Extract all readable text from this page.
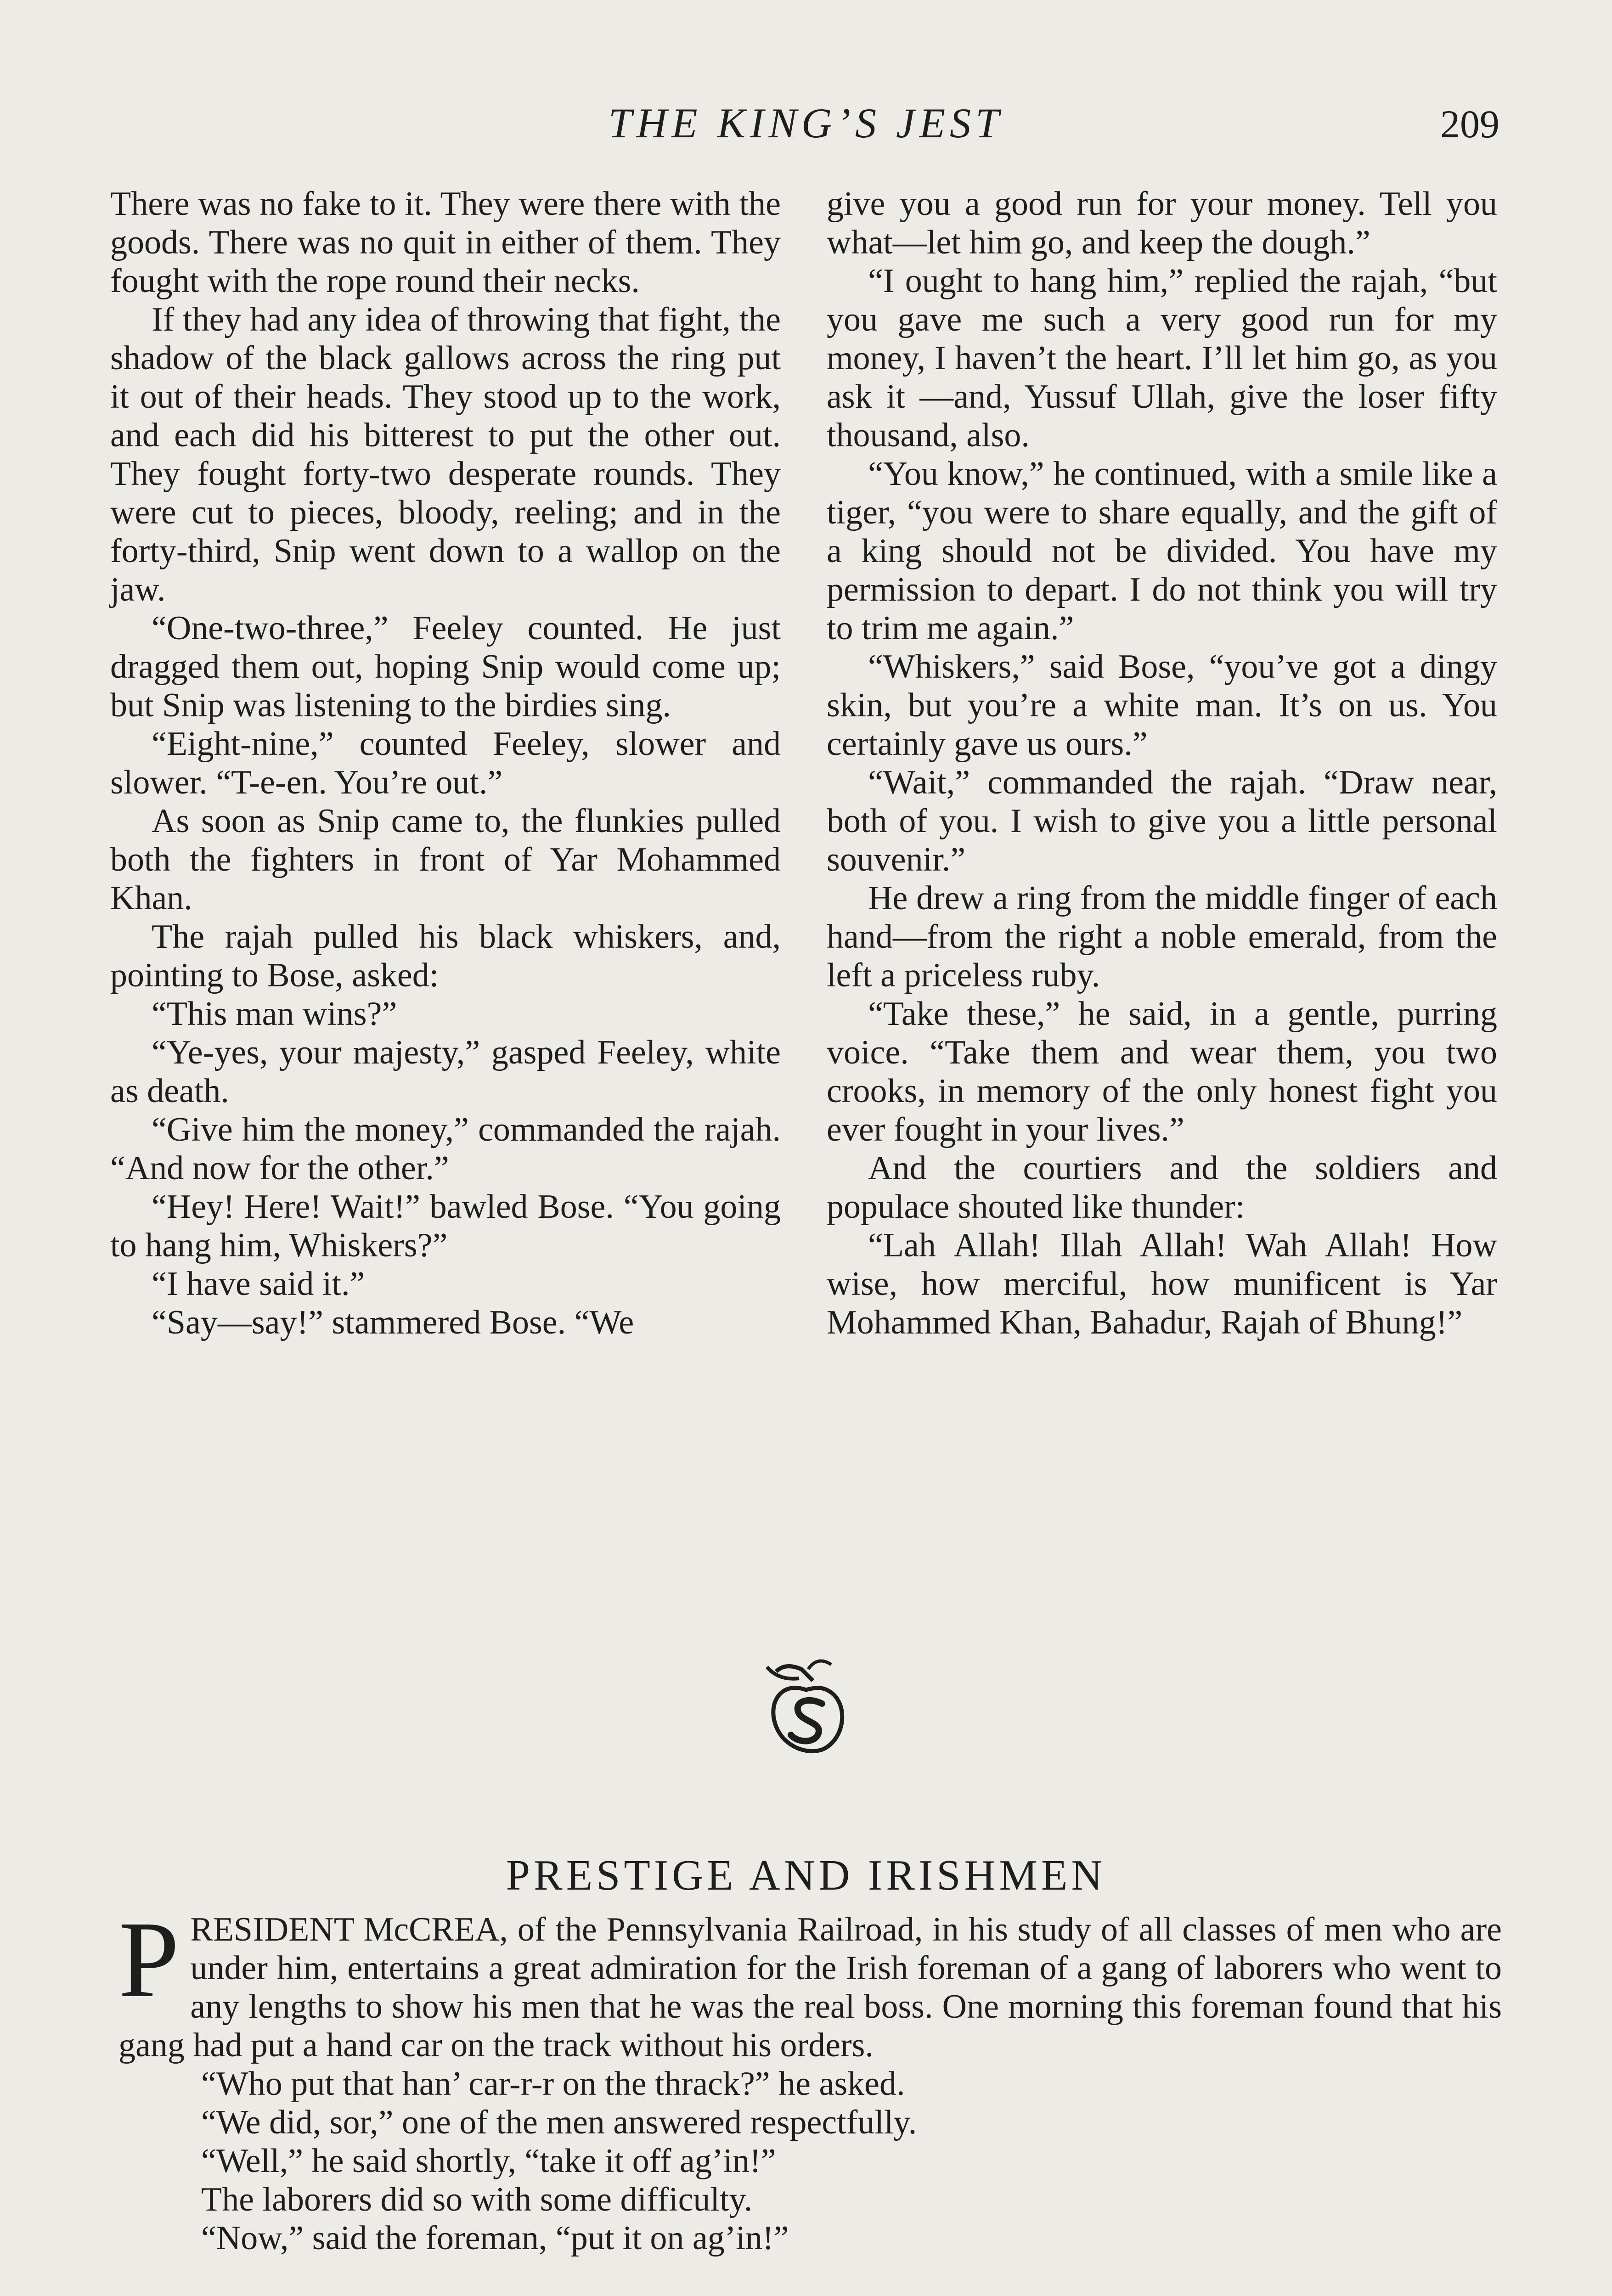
THE KING’S JEST	209

There was no fake to it. They were there with the goods. There was no quit in either of them. They fought with the rope round their necks.

If they had any idea of throwing that fight, the shadow of the black gallows across the ring put it out of their heads. They stood up to the work, and each did his bitterest to put the other out. They fought forty-two desperate rounds. They were cut to pieces, bloody, reeling; and in the forty-third, Snip went down to a wallop on the jaw.

“One-two-three,” Feeley counted. He just dragged them out, hoping Snip would come up; but Snip was listening to the birdies sing.

“Eight-nine,” counted Feeley, slower and slower. “T-e-en. You’re out.”

As soon as Snip came to, the flunkies pulled both the fighters in front of Yar Mohammed Khan.

The rajah pulled his black whiskers, and, pointing to Bose, asked:

“This man wins?”

“Ye-yes, your majesty,” gasped Feeley, white as death.

“Give him the money,” commanded the rajah. “And now for the other.”

“Hey! Here! Wait!” bawled Bose. “You going to hang him, Whiskers?”

“I have said it.”

“Say—say!” stammered Bose. “We

give you a good run for your money. Tell you what—let him go, and keep the dough.”

“I ought to hang him,” replied the rajah, “but you gave me such a very good run for my money, I haven’t the heart. I’ll let him go, as you ask it —and, Yussuf Ullah, give the loser fifty thousand, also.

“You know,” he continued, with a smile like a tiger, “you were to share equally, and the gift of a king should not be divided. You have my permission to depart. I do not think you will try to trim me again.”

“Whiskers,” said Bose, “you’ve got a dingy skin, but you’re a white man. It’s on us. You certainly gave us ours.”

“Wait,” commanded the rajah. “Draw near, both of you. I wish to give you a little personal souvenir.”

He drew a ring from the middle finger of each hand—from the right a noble emerald, from the left a priceless ruby.

“Take these,” he said, in a gentle, purring voice. “Take them and wear them, you two crooks, in memory of the only honest fight you ever fought in your lives.”

And the courtiers and the soldiers and populace shouted like thunder:

“Lah Allah! Illah Allah! Wah Allah! How wise, how merciful, how munificent is Yar Mohammed Khan, Bahadur, Rajah of Bhung!”

PRESTIGE AND IRISHMEN

PRESIDENT McCREA, of the Pennsylvania Railroad, in his study of all classes of men who are under him, entertains a great admiration for the Irish foreman of a gang of laborers who went to any lengths to show his men that he was the real boss. One morning this foreman found that his gang had put a hand car on the track without his orders.

“Who put that han’ car-r-r on the thrack?” he asked.

“We did, sor,” one of the men answered respectfully.

“Well,” he said shortly, “take it off ag’in!”

The laborers did so with some difficulty.

“Now,” said the foreman, “put it on ag’in!”
